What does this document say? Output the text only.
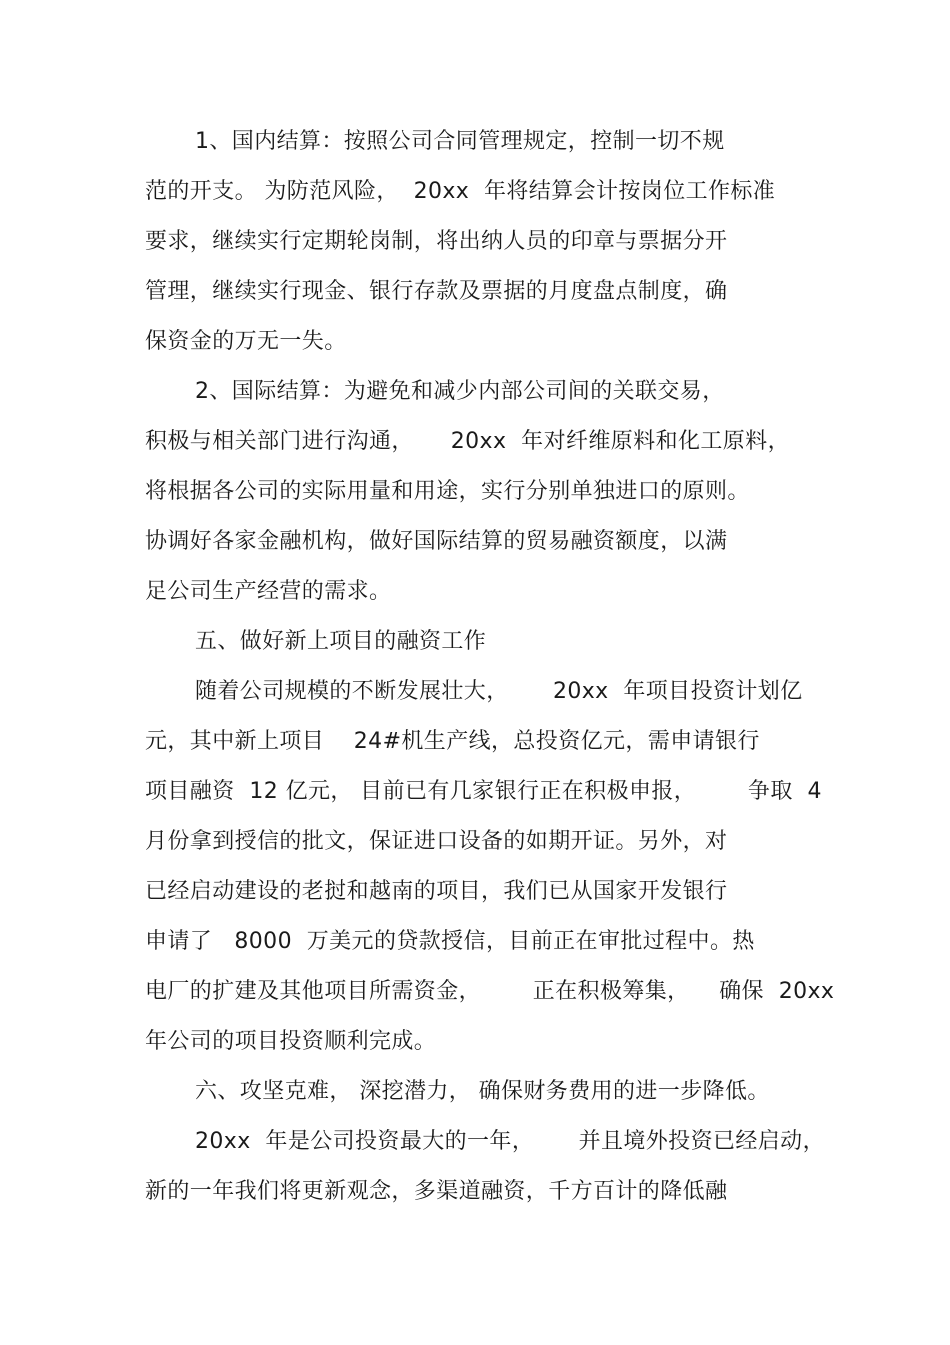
1、国内结算：按照公司合同管理规定，控制一切不规
范的开支。 为防范风险，  20xx  年将结算会计按岗位工作标准
要求，继续实行定期轮岗制，将出纳人员的印章与票据分开
管理，继续实行现金、银行存款及票据的月度盘点制度，确
保资金的万无一失。
2、国际结算：为避免和减少内部公司间的关联交易，
积极与相关部门进行沟通，     20xx  年对纤维原料和化工原料，
将根据各公司的实际用量和用途，实行分别单独进口的原则。
协调好各家金融机构，做好国际结算的贸易融资额度，以满
足公司生产经营的需求。
五、做好新上项目的融资工作
随着公司规模的不断发展壮大，      20xx  年项目投资计划亿
元，其中新上项目    24#机生产线，总投资亿元，需申请银行
项目融资  12 亿元， 目前已有几家银行正在积极申报，       争取  4
月份拿到授信的批文，保证进口设备的如期开证。另外，对
已经启动建设的老挝和越南的项目，我们已从国家开发银行
申请了   8000  万美元的贷款授信，目前正在审批过程中。热
电厂的扩建及其他项目所需资金，       正在积极筹集，    确保  20xx
年公司的项目投资顺利完成。
六、攻坚克难， 深挖潜力， 确保财务费用的进一步降低。
20xx  年是公司投资最大的一年，      并且境外投资已经启动，
新的一年我们将更新观念，多渠道融资，千方百计的降低融
